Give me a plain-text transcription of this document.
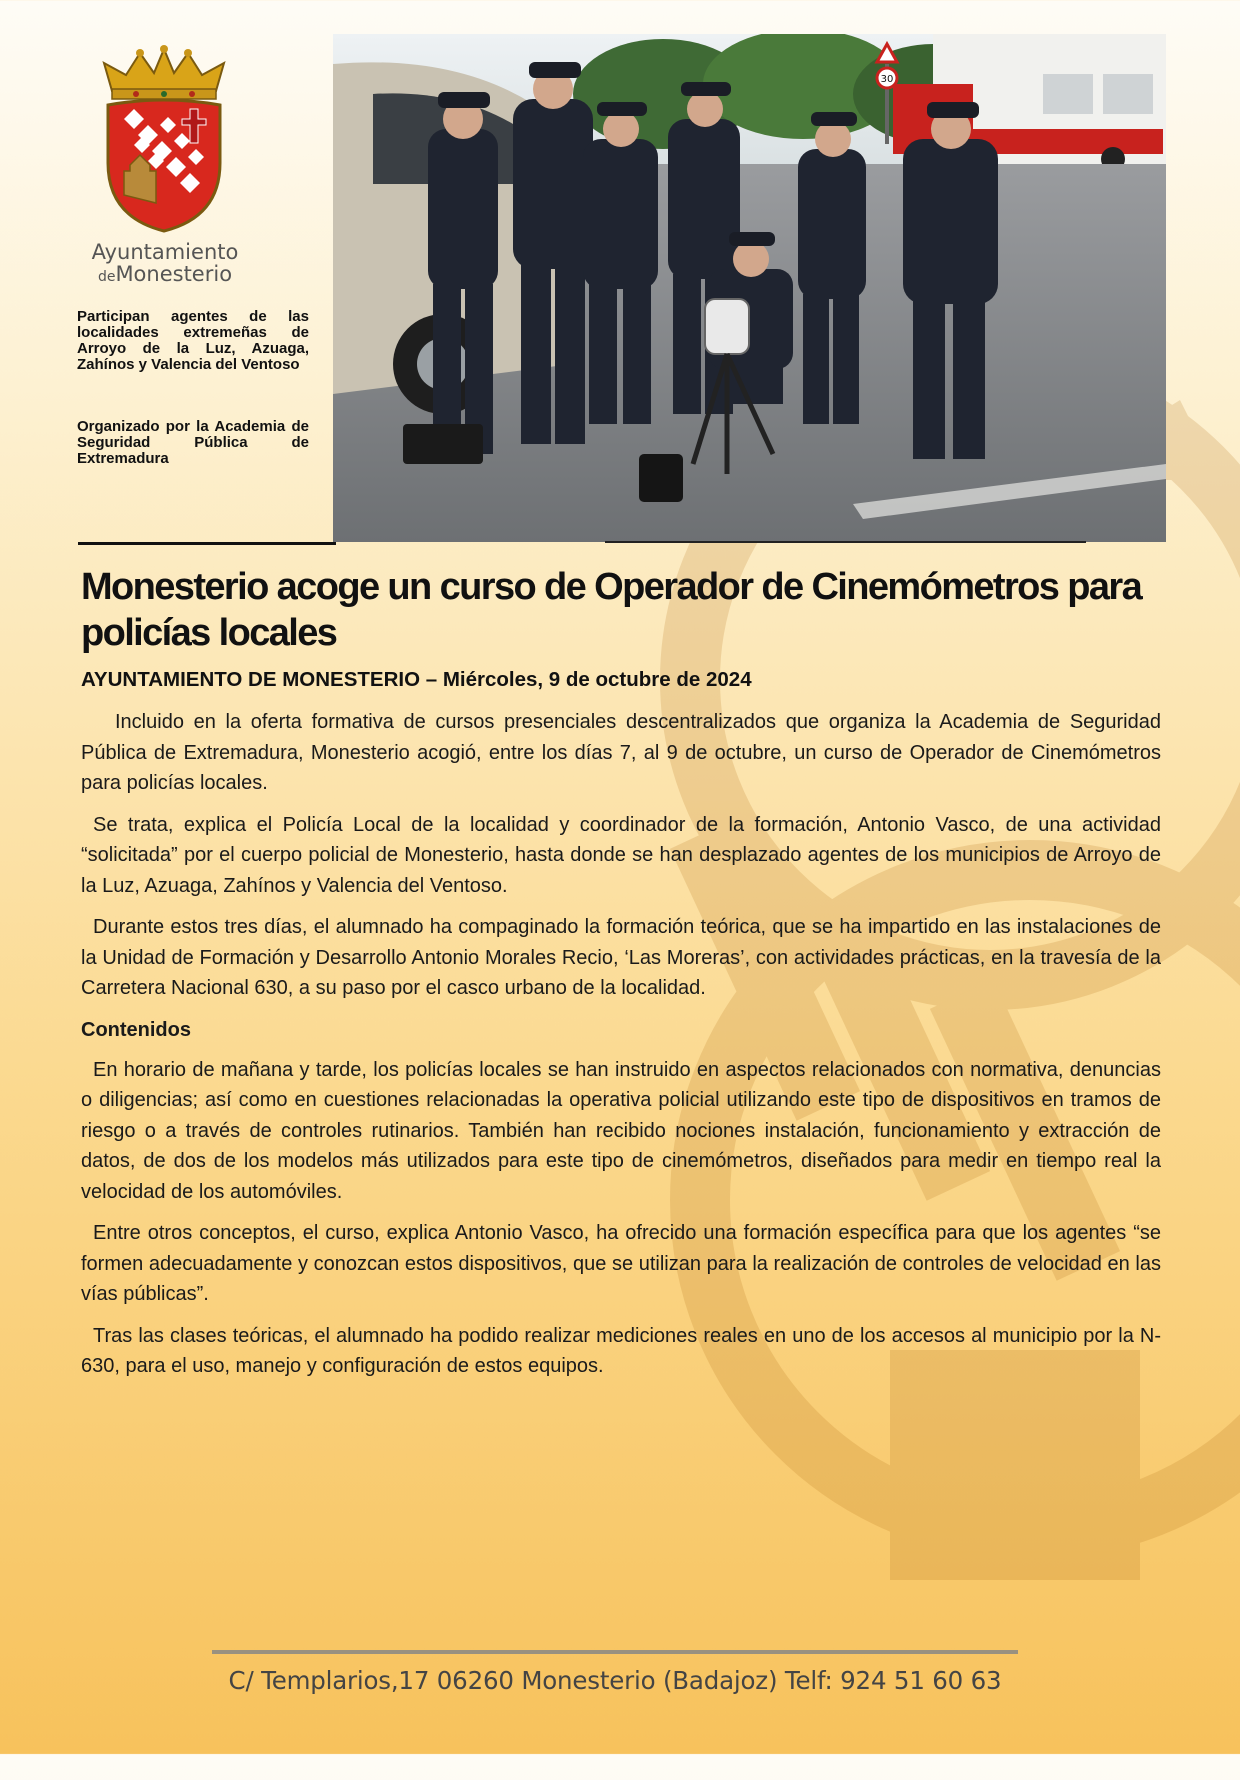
Ayuntamiento
deMonesterio
Participan agentes de las localidades extremeñas de Arroyo de la Luz, Azuaga, Zahínos y Valencia del Ventoso
Organizado por la Academia de Seguridad Pública de Extremadura
30
Monesterio acoge un curso de Operador de Cinemómetros para policías locales
AYUNTAMIENTO DE MONESTERIO – Miércoles, 9 de octubre de 2024

Incluido en la oferta formativa de cursos presenciales descentralizados que organiza la Academia de Seguridad Pública de Extremadura, Monesterio acogió, entre los días 7, al 9 de octubre, un curso de Operador de Cinemómetros para policías locales.

Se trata, explica el Policía Local de la localidad y coordinador de la formación, Antonio Vasco, de una actividad “solicitada” por el cuerpo policial de Monesterio, hasta donde se han desplazado agentes de los municipios de Arroyo de la Luz, Azuaga, Zahínos y Valencia del Ventoso.

Durante estos tres días, el alumnado ha compaginado la formación teórica, que se ha impartido en las instalaciones de la Unidad de Formación y Desarrollo Antonio Morales Recio, ‘Las Moreras’, con actividades prácticas, en la travesía de la Carretera Nacional 630, a su paso por el casco urbano de la localidad.

Contenidos

En horario de mañana y tarde, los policías locales se han instruido en aspectos relacionados con normativa, denuncias o diligencias; así como en cuestiones relacionadas la operativa policial utilizando este tipo de dispositivos en tramos de riesgo o a través de controles rutinarios. También han recibido nociones instalación, funcionamiento y extracción de datos, de dos de los modelos más utilizados para este tipo de cinemómetros, diseñados para medir en tiempo real la velocidad de los automóviles.

Entre otros conceptos, el curso, explica Antonio Vasco, ha ofrecido una formación específica para que los agentes “se formen adecuadamente y conozcan estos dispositivos, que se utilizan para la realización de controles de velocidad en las vías públicas”.

Tras las clases teóricas, el alumnado ha podido realizar mediciones reales en uno de los accesos al municipio por la N-630, para el uso, manejo y configuración de estos equipos.

C/ Templarios,17 06260 Monesterio (Badajoz) Telf: 924 51 60 63
